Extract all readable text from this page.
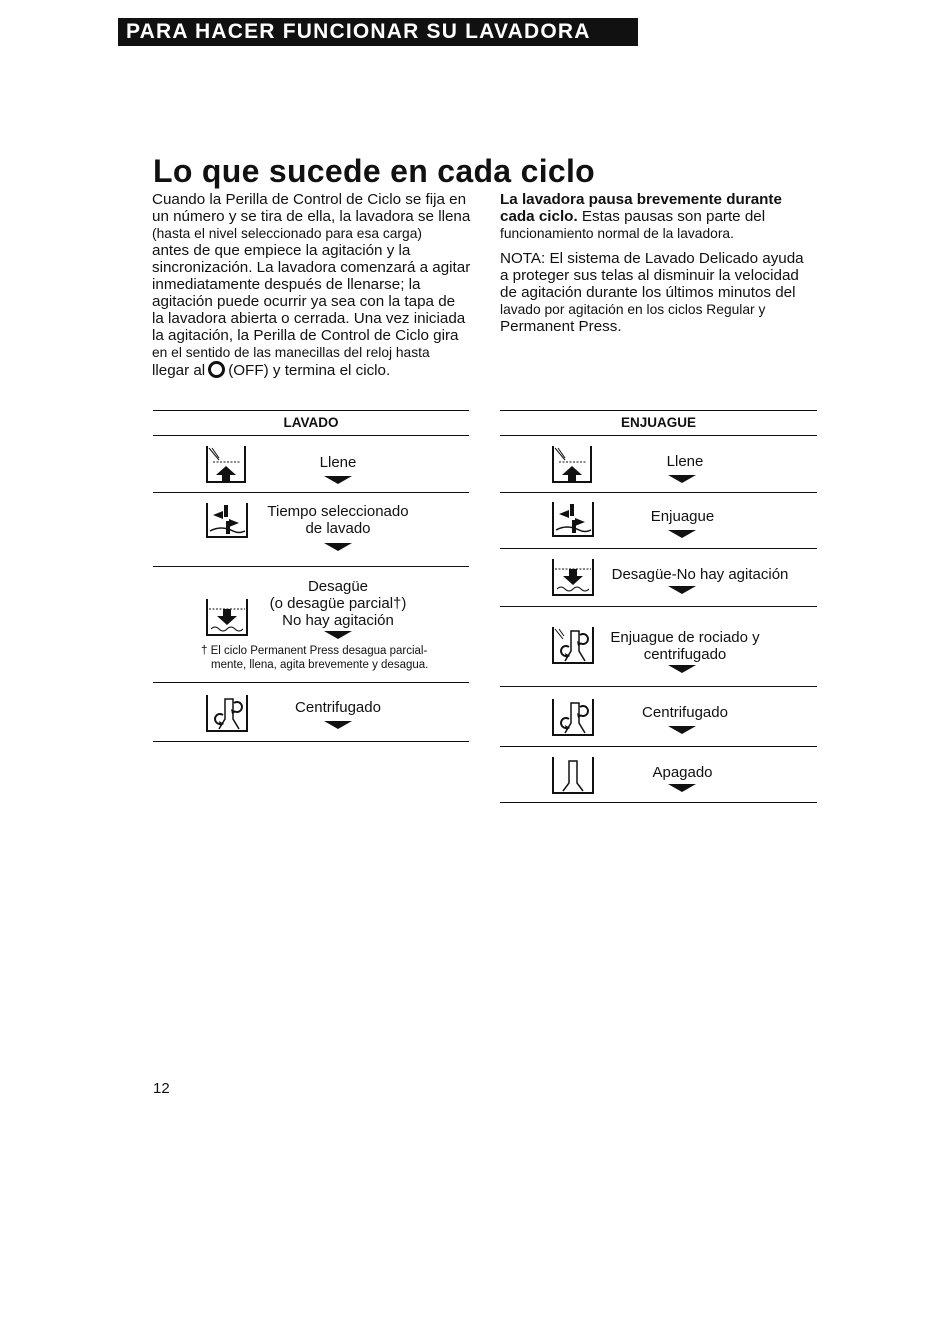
PARA HACER FUNCIONAR SU LAVADORA
Lo que sucede en cada ciclo

Cuando la Perilla de Control de Ciclo se fija en

un número y se tira de ella, la lavadora se llena

(hasta el nivel seleccionado para esa carga)

antes de que empiece la agitación y la

sincronización. La lavadora comenzará a agitar

inmediatamente después de llenarse; la

agitación puede ocurrir ya sea con la tapa de

la lavadora abierta o cerrada. Una vez iniciada

la agitación, la Perilla de Control de Ciclo gira

en el sentido de las manecillas del reloj hasta

llegar al (OFF) y termina el ciclo.

La lavadora pausa brevemente durante

cada ciclo. Estas pausas son parte del

funcionamiento normal de la lavadora.

NOTA: El sistema de Lavado Delicado ayuda

a proteger sus telas al disminuir la velocidad

de agitación durante los últimos minutos del

lavado por agitación en los ciclos Regular y

Permanent Press.

LAVADO
Llene
Tiempo seleccionado
de lavado
Desagüe
(o desagüe parcial†)
No hay agitación
† El ciclo Permanent Press desagua parcial-
mente, llena, agita brevemente y desagua.
Centrifugado
ENJUAGUE
Llene
Enjuague
Desagüe-No hay agitación
Enjuague de rociado y
centrifugado
Centrifugado
Apagado
12
